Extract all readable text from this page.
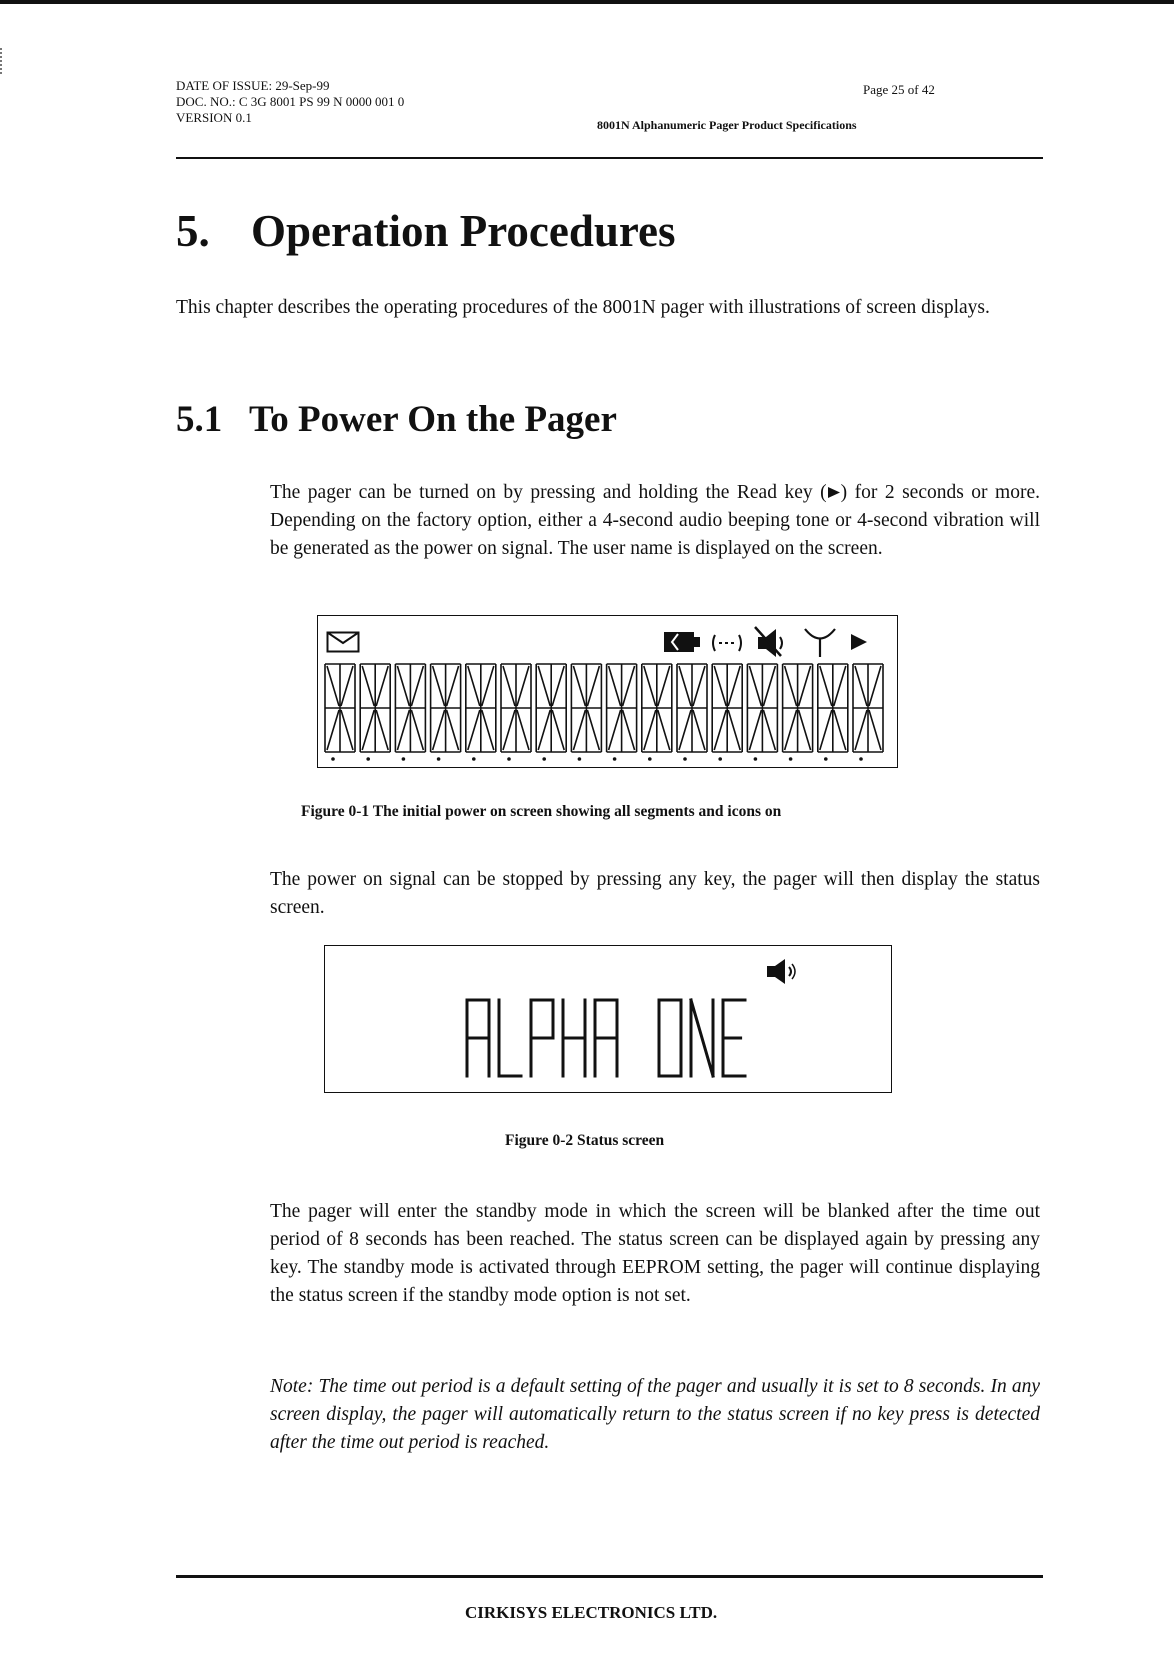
DATE OF ISSUE: 29-Sep-99
DOC. NO.: C 3G 8001 PS 99 N 0000 001 0
VERSION 0.1
Page 25 of 42
8001N Alphanumeric Pager Product Specifications
5. Operation Procedures
This chapter describes the operating procedures of the 8001N pager with illustrations of screen displays.
5.1 To Power On the Pager
The pager can be turned on by pressing and holding the Read key ( ) for 2 seconds or more. Depending on the factory option, either a 4-second audio beeping tone or 4-second vibration will be generated as the power on signal. The user name is displayed on the screen.
Figure 0-1 The initial power on screen showing all segments and icons on
The power on signal can be stopped by pressing any key, the pager will then display the status screen.
Figure 0-2 Status screen
The pager will enter the standby mode in which the screen will be blanked after the time out period of 8 seconds has been reached. The status screen can be displayed again by pressing any key. The standby mode is activated through EEPROM setting, the pager will continue displaying the status screen if the standby mode option is not set.
Note: The time out period is a default setting of the pager and usually it is set to 8 seconds. In any screen display, the pager will automatically return to the status screen if no key press is detected after the time out period is reached.
CIRKISYS ELECTRONICS LTD.
